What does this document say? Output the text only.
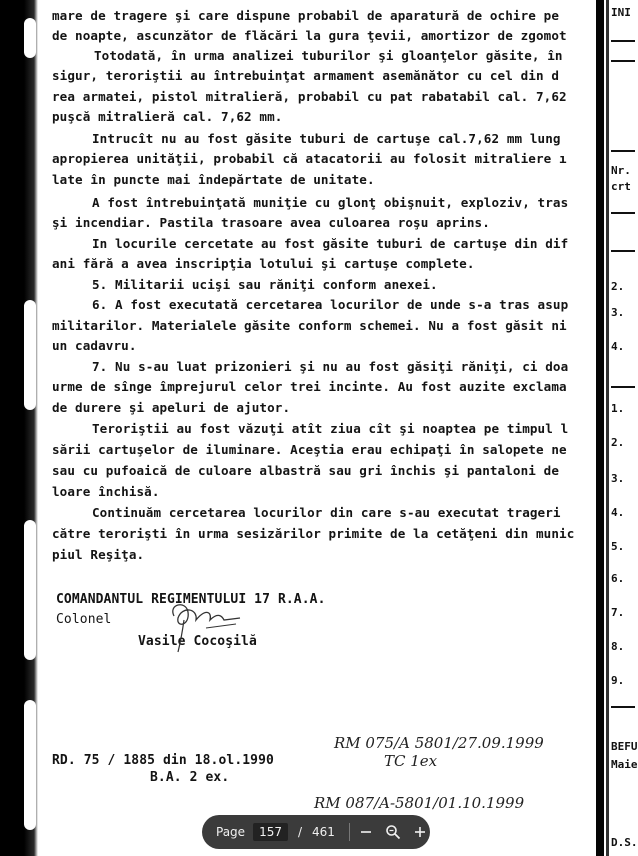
mare de tragere şi care dispune probabil de aparatură de ochire pe
de noapte, ascunzător de flăcări la gura ţevii, amortizor de zgomot
Totodată, în urma analizei tuburilor şi gloanţelor găsite, în
sigur, teroriştii au întrebuinţat armament asemănător cu cel din d
rea armatei, pistol mitralieră, probabil cu pat rabatabil cal. 7,62
puşcă mitralieră cal. 7,62 mm.
Intrucît nu au fost găsite tuburi de cartuşe cal.7,62 mm lung
apropierea unităţii, probabil că atacatorii au folosit mitraliere ı
late în puncte mai îndepărtate de unitate.
A fost întrebuinţată muniţie cu glonţ obişnuit, exploziv, tras
şi incendiar. Pastila trasoare avea culoarea roşu aprins.
In locurile cercetate au fost găsite tuburi de cartuşe din dif
ani fără a avea inscripţia lotului şi cartuşe complete.
5. Militarii ucişi sau răniţi conform anexei.
6. A fost executată cercetarea locurilor de unde s-a tras asup
militarilor. Materialele găsite conform schemei. Nu a fost găsit ni
un cadavru.
7. Nu s-au luat prizonieri şi nu au fost găsiţi răniţi, ci doa
urme de sînge împrejurul celor trei incinte. Au fost auzite exclama
de durere şi apeluri de ajutor.
Teroriştii au fost văzuţi atît ziua cît şi noaptea pe timpul l
sării cartuşelor de iluminare. Aceştia erau echipaţi în salopete ne
sau cu pufoaică de culoare albastră sau gri închis şi pantaloni de
loare închisă.
Continuăm cercetarea locurilor din care s-au executat trageri
către terorişti în urma sesizărilor primite de la cetăţeni din munic
piul Reşiţa.
COMANDANTUL REGIMENTULUI 17 R.A.A.
Colonel
Vasile Cocoşilă
RD. 75 / 1885 din 18.ol.1990
B.A. 2 ex.
RM 075/A 5801/27.09.1999
TC 1ex
RM 087/A-5801/01.10.1999
INI
Nr.
crt
2.
3.
4.
1.
2.
3.
4.
5.
6.
7.
8.
9.
BEFU
Maie
D.S.
Page	157	/ 461
